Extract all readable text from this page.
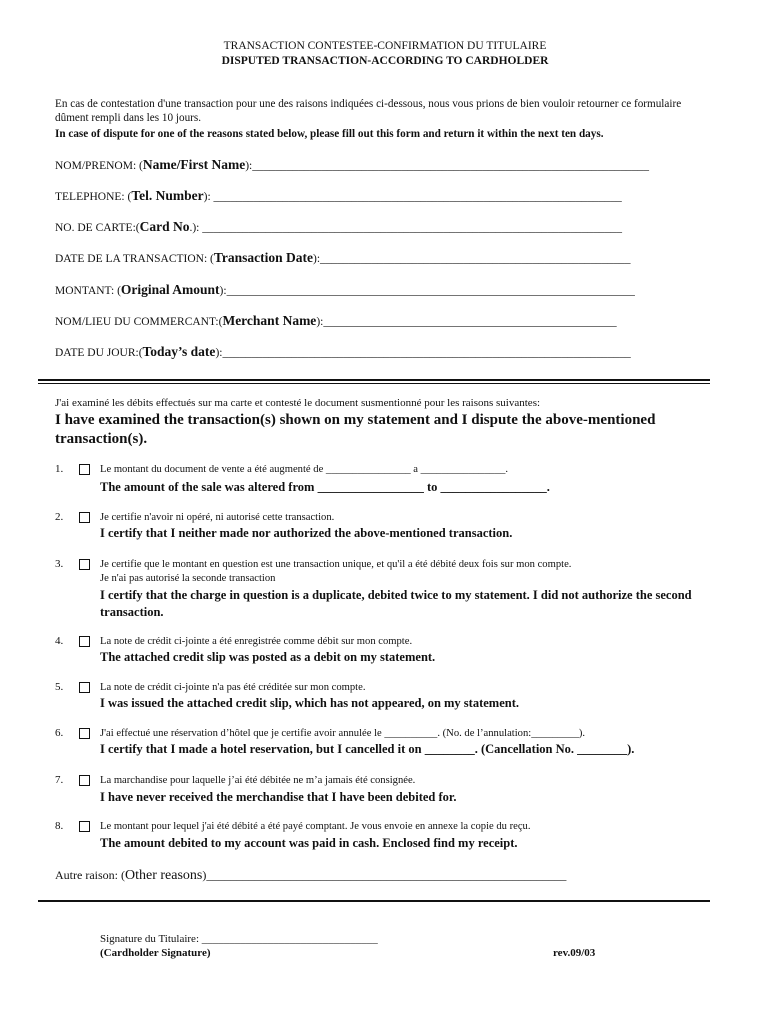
TRANSACTION CONTESTEE-CONFIRMATION DU TITULAIRE
DISPUTED TRANSACTION-ACCORDING TO CARDHOLDER
En cas de contestation d'une transaction pour une des raisons indiquées ci-dessous, nous vous prions de bien vouloir retourner ce formulaire dûment rempli dans les 10 jours.
In case of dispute for one of the reasons stated below, please fill out this form and return it within the next ten days.
NOM/PRENOM: (Name/First Name):_____________________________________________________________________
TELEPHONE: (Tel. Number): _______________________________________________________________________
NO. DE CARTE:(Card No.): _________________________________________________________________________
DATE DE LA TRANSACTION: (Transaction Date):______________________________________________________
MONTANT: (Original Amount):_______________________________________________________________________
NOM/LIEU DU COMMERCANT:(Merchant Name):___________________________________________________
DATE DU JOUR:(Today’s date):_______________________________________________________________________
J'ai examiné les débits effectués sur ma carte et contesté le document susmentionné pour les raisons suivantes:
I have examined the transaction(s) shown on my statement and I dispute the above-mentioned transaction(s).
1.	Le montant du document de vente a été augmenté de ________________ a ________________.
The amount of the sale was altered from _________________ to _________________.
2.	Je certifie n'avoir ni opéré, ni autorisé cette transaction.
I certify that I neither made nor authorized the above-mentioned transaction.
3.	Je certifie que le montant en question est une transaction unique, et qu'il a été débité deux fois sur mon compte.
Je n'ai pas autorisé la seconde transaction
I certify that the charge in question is a duplicate, debited twice to my statement. I did not authorize the second transaction.
4.	La note de crédit ci-jointe a été enregistrée comme débit sur mon compte.
The attached credit slip was posted as a debit on my statement.
5.	La note de crédit ci-jointe n'a pas été créditée sur mon compte.
I was issued the attached credit slip, which has not appeared, on my statement.
6.	J'ai effectué une réservation d’hôtel que je certifie avoir annulée le __________. (No. de l’annulation:_________).
I certify that I made a hotel reservation, but I cancelled it on ________. (Cancellation No. ________).
7.	La marchandise pour laquelle j’ai été débitée ne m’a jamais été consignée.
I have never received the merchandise that I have been debited for.
8.	Le montant pour lequel j'ai été débité a été payé comptant. Je vous envoie en annexe la copie du reçu.
The amount debited to my account was paid in cash. Enclosed find my receipt.
Autre raison: (Other reasons)____________________________________________________________
Signature du Titulaire: ________________________________
(Cardholder Signature)	rev.09/03
